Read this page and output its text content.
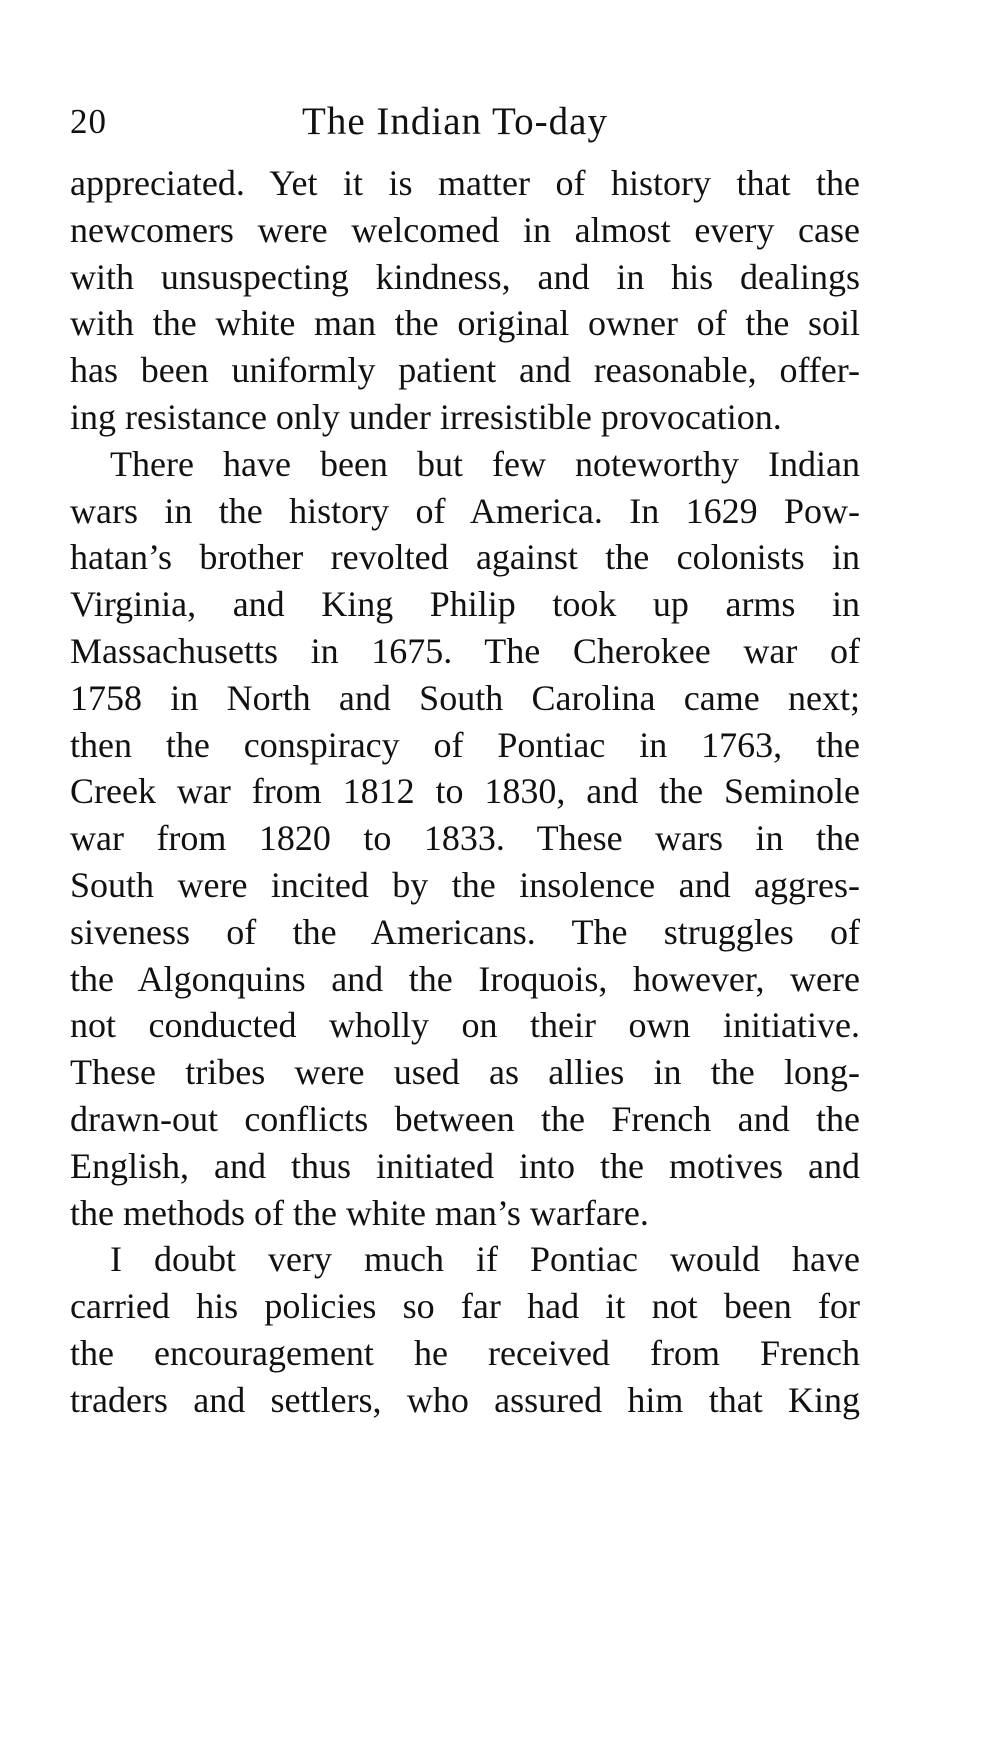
20	The Indian To-day
appreciated. Yet it is matter of history that the
newcomers were welcomed in almost every case
with unsuspecting kindness, and in his dealings
with the white man the original owner of the soil
has been uniformly patient and reasonable, offer-
ing resistance only under irresistible provocation.
There have been but few noteworthy Indian
wars in the history of America. In 1629 Pow-
hatan’s brother revolted against the colonists in
Virginia, and King Philip took up arms in
Massachusetts in 1675. The Cherokee war of
1758 in North and South Carolina came next;
then the conspiracy of Pontiac in 1763, the
Creek war from 1812 to 1830, and the Seminole
war from 1820 to 1833. These wars in the
South were incited by the insolence and aggres-
siveness of the Americans. The struggles of
the Algonquins and the Iroquois, however, were
not conducted wholly on their own initiative.
These tribes were used as allies in the long-
drawn-out conflicts between the French and the
English, and thus initiated into the motives and
the methods of the white man’s warfare.
I doubt very much if Pontiac would have
carried his policies so far had it not been for
the encouragement he received from French
traders and settlers, who assured him that King
